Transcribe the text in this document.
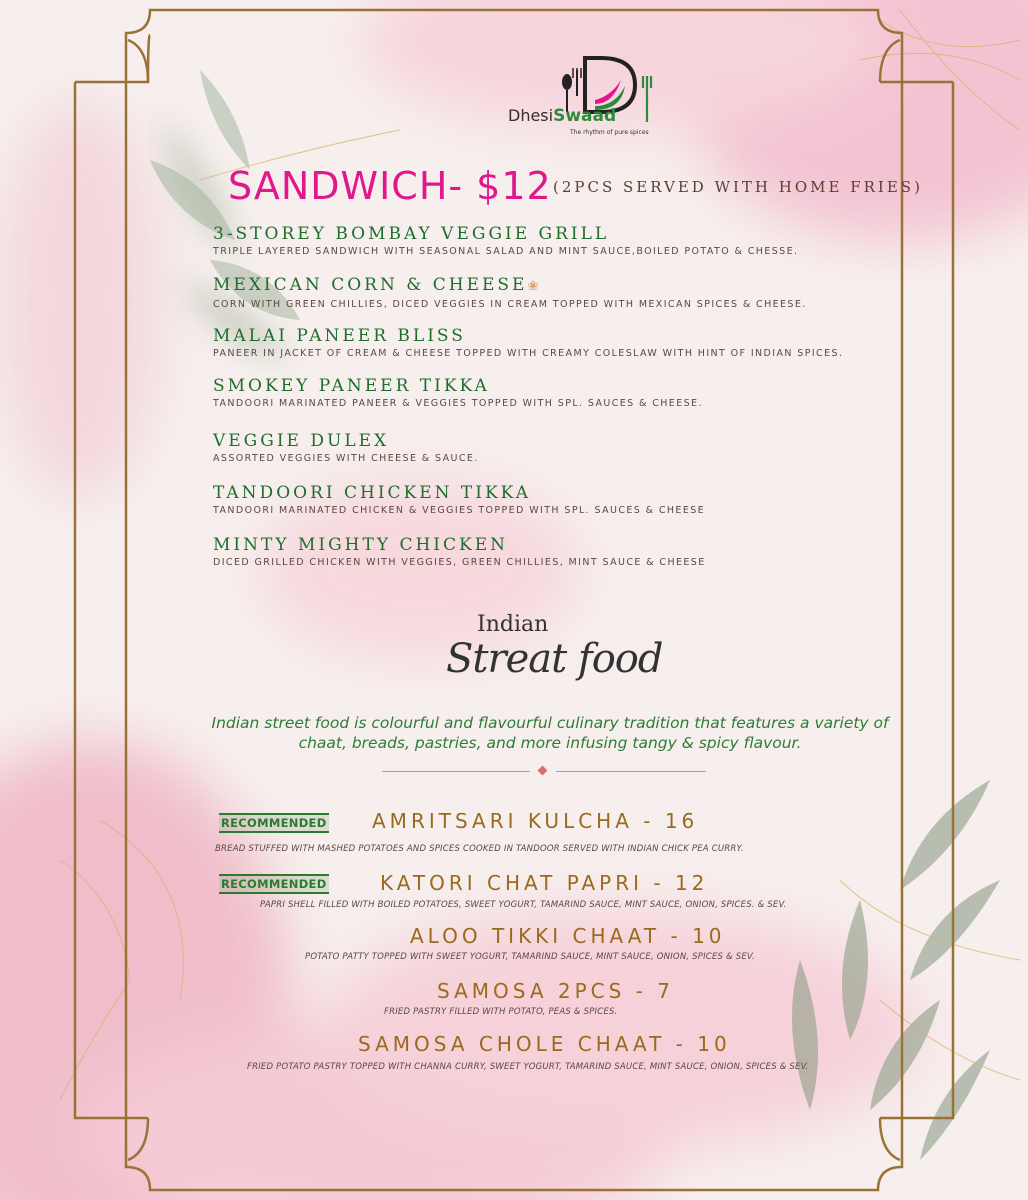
DhesiSwaad
The rhythm of pure spices
SANDWICH- $12 (2PCS SERVED WITH HOME FRIES)
3-STOREY BOMBAY VEGGIE GRILL
TRIPLE LAYERED SANDWICH WITH SEASONAL SALAD AND MINT SAUCE,BOILED POTATO & CHESSE.
MEXICAN CORN & CHEESE❀
CORN WITH GREEN CHILLIES, DICED VEGGIES IN CREAM TOPPED WITH MEXICAN SPICES & CHEESE.
MALAI PANEER BLISS
PANEER IN JACKET OF CREAM & CHEESE TOPPED WITH CREAMY COLESLAW WITH HINT OF INDIAN SPICES.
SMOKEY PANEER TIKKA
TANDOORI MARINATED PANEER & VEGGIES TOPPED WITH SPL. SAUCES & CHEESE.
VEGGIE DULEX
ASSORTED VEGGIES WITH CHEESE & SAUCE.
TANDOORI CHICKEN TIKKA
TANDOORI MARINATED CHICKEN & VEGGIES TOPPED WITH SPL. SAUCES & CHEESE
MINTY MIGHTY CHICKEN
DICED GRILLED CHICKEN WITH VEGGIES, GREEN CHILLIES, MINT SAUCE & CHEESE
Indian
Streat food
Indian street food is colourful and flavourful culinary tradition that features a variety of chaat, breads, pastries, and more infusing tangy & spicy flavour.
RECOMMENDED AMRITSARI KULCHA - 16
BREAD STUFFED WITH MASHED POTATOES AND SPICES COOKED IN TANDOOR SERVED WITH INDIAN CHICK PEA CURRY.
RECOMMENDED	KATORI CHAT PAPRI - 12
PAPRI SHELL FILLED WITH BOILED POTATOES, SWEET YOGURT, TAMARIND SAUCE, MINT SAUCE, ONION, SPICES. & SEV.
ALOO TIKKI CHAAT - 10
POTATO PATTY TOPPED WITH SWEET YOGURT, TAMARIND SAUCE, MINT SAUCE, ONION, SPICES & SEV.
SAMOSA 2PCS - 7
FRIED PASTRY FILLED WITH POTATO, PEAS & SPICES.
SAMOSA CHOLE CHAAT - 10
FRIED POTATO PASTRY TOPPED WITH CHANNA CURRY, SWEET YOGURT, TAMARIND SAUCE, MINT SAUCE, ONION, SPICES & SEV.
